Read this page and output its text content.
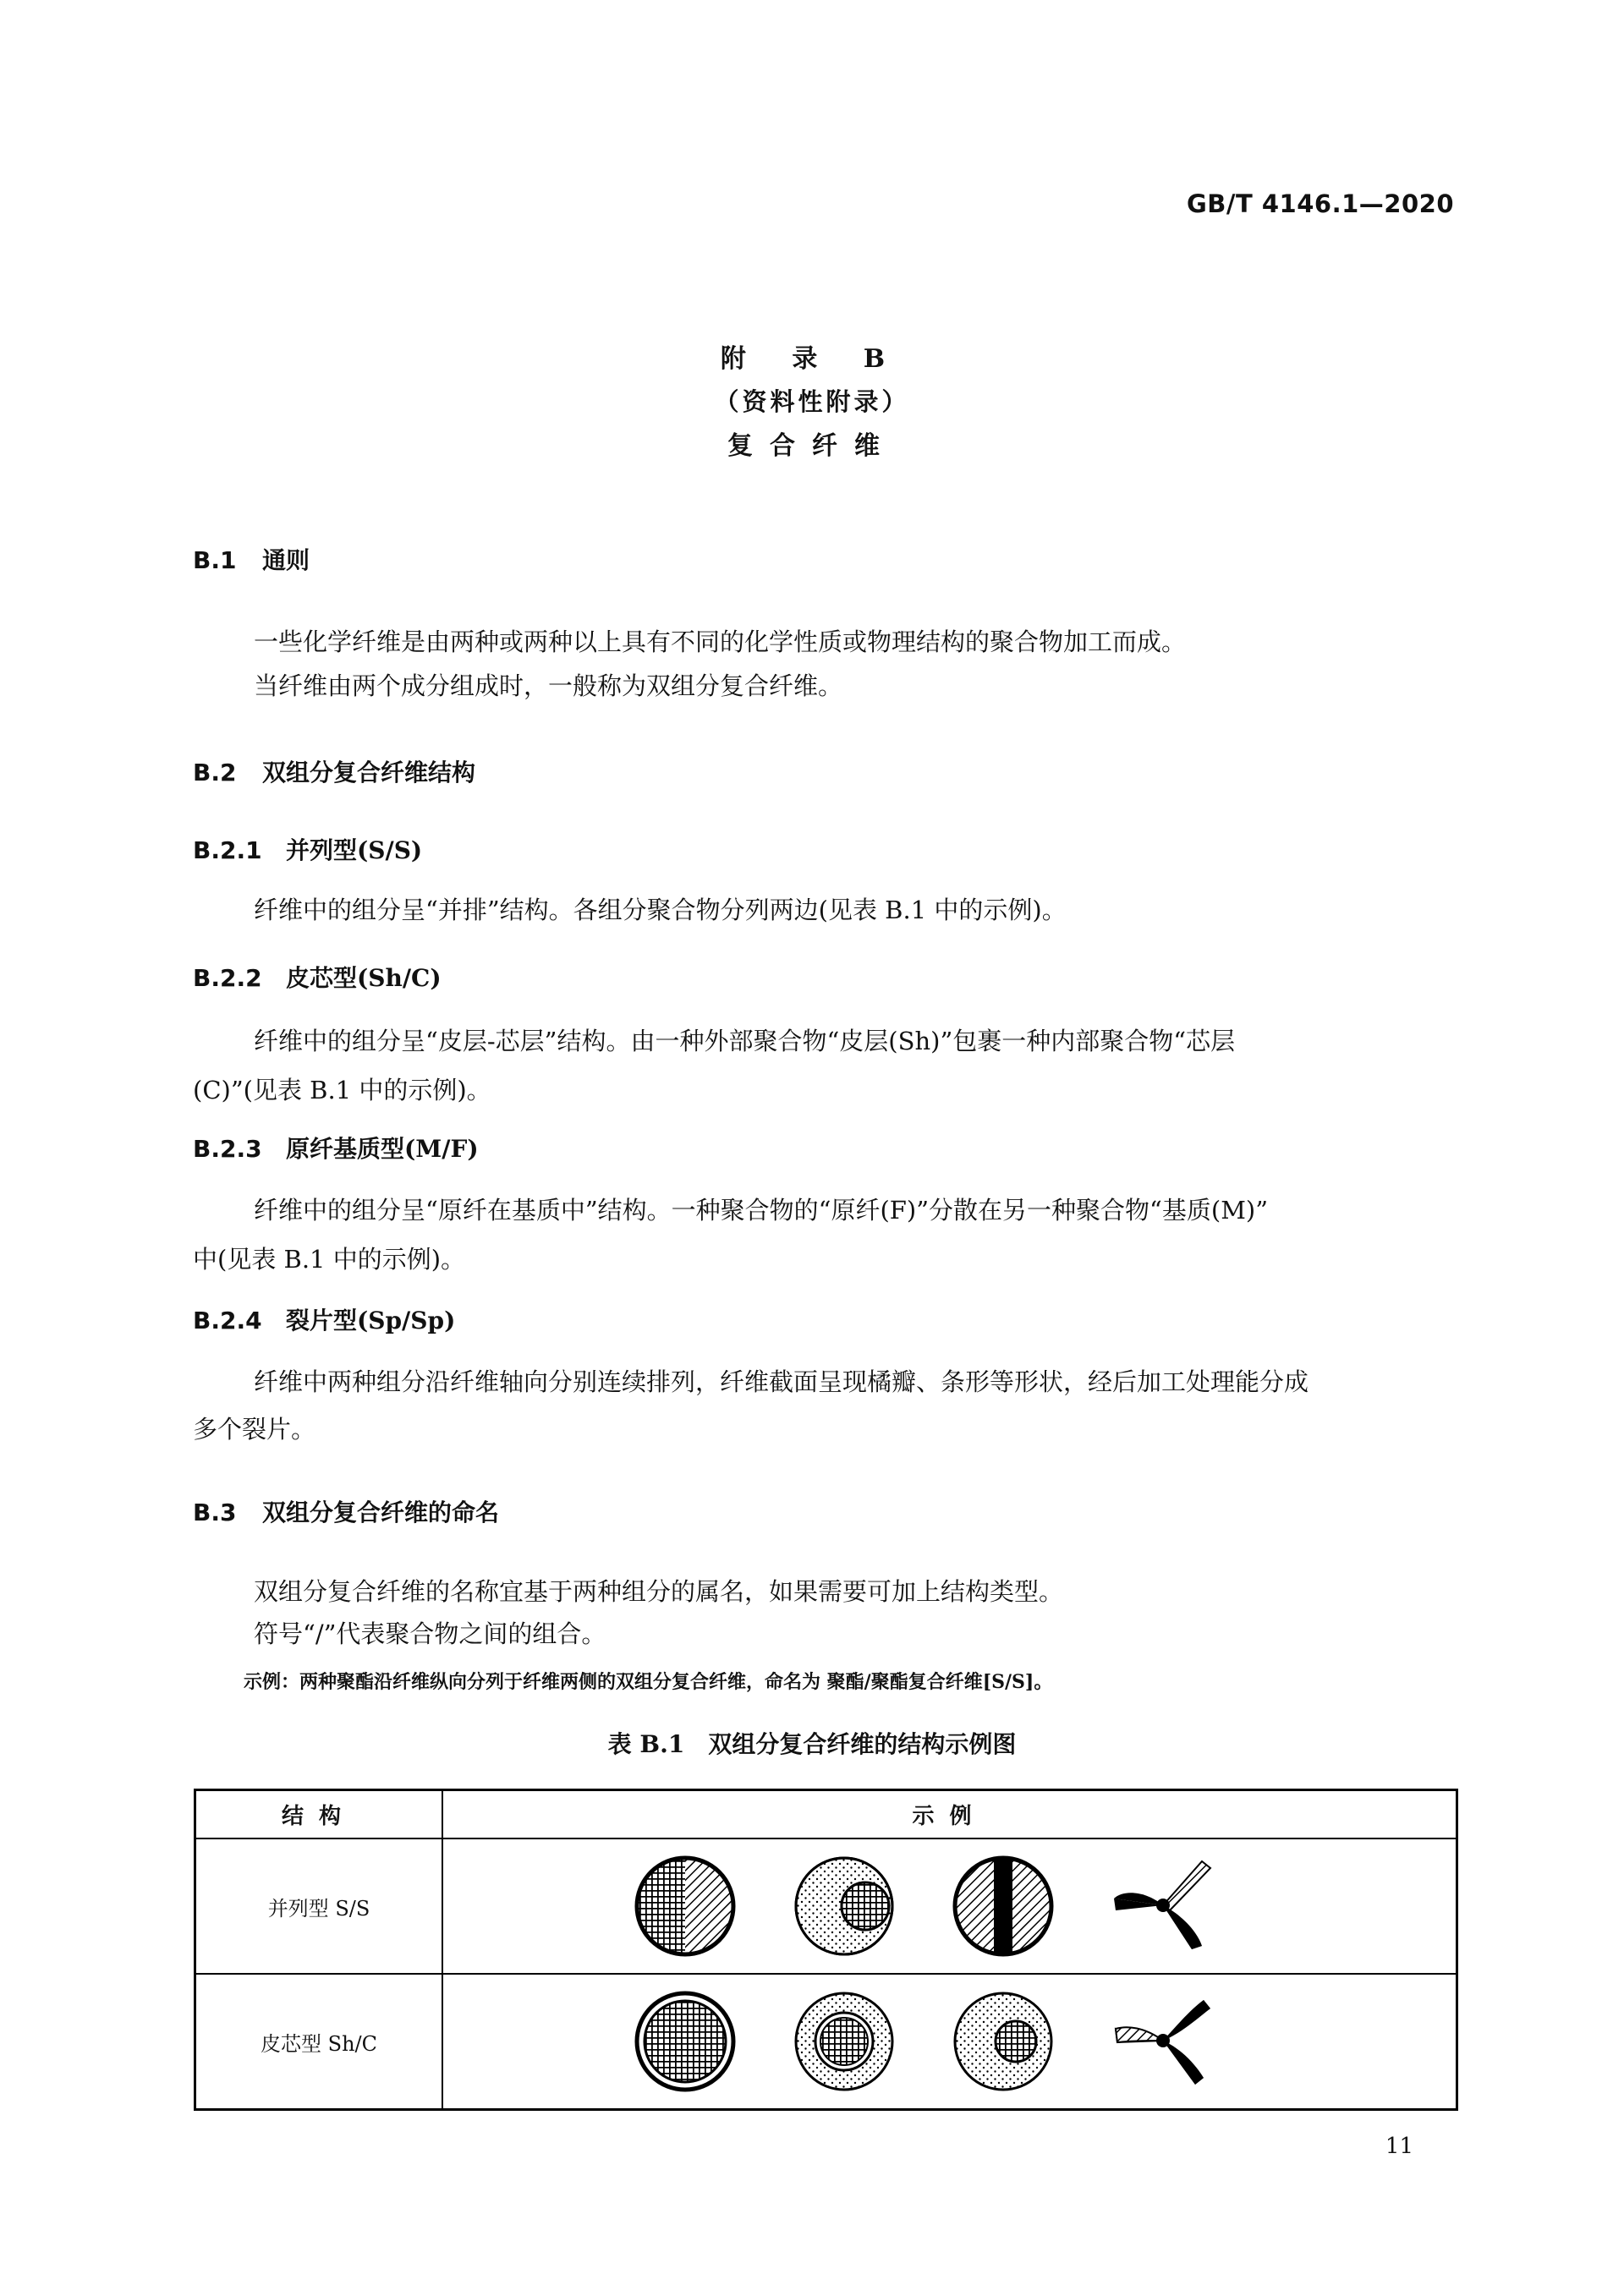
GB/T 4146.1—2020
附 录 B
（资料性附录）
复合纤维
B.1 通则
一些化学纤维是由两种或两种以上具有不同的化学性质或物理结构的聚合物加工而成。
当纤维由两个成分组成时，一般称为双组分复合纤维。
B.2 双组分复合纤维结构
B.2.1 并列型(S/S)
纤维中的组分呈“并排”结构。各组分聚合物分列两边(见表 B.1 中的示例)。
B.2.2 皮芯型(Sh/C)
纤维中的组分呈“皮层-芯层”结构。由一种外部聚合物“皮层(Sh)”包裹一种内部聚合物“芯层
(C)”(见表 B.1 中的示例)。
B.2.3 原纤基质型(M/F)
纤维中的组分呈“原纤在基质中”结构。一种聚合物的“原纤(F)”分散在另一种聚合物“基质(M)”
中(见表 B.1 中的示例)。
B.2.4 裂片型(Sp/Sp)
纤维中两种组分沿纤维轴向分别连续排列，纤维截面呈现橘瓣、条形等形状，经后加工处理能分成
多个裂片。
B.3 双组分复合纤维的命名
双组分复合纤维的名称宜基于两种组分的属名，如果需要可加上结构类型。
符号“/”代表聚合物之间的组合。
示例：两种聚酯沿纤维纵向分列于纤维两侧的双组分复合纤维，命名为 聚酯/聚酯复合纤维[S/S]。
表 B.1　双组分复合纤维的结构示例图
结构	示例
并列型 S/S	

皮芯型 Sh/C	
11
